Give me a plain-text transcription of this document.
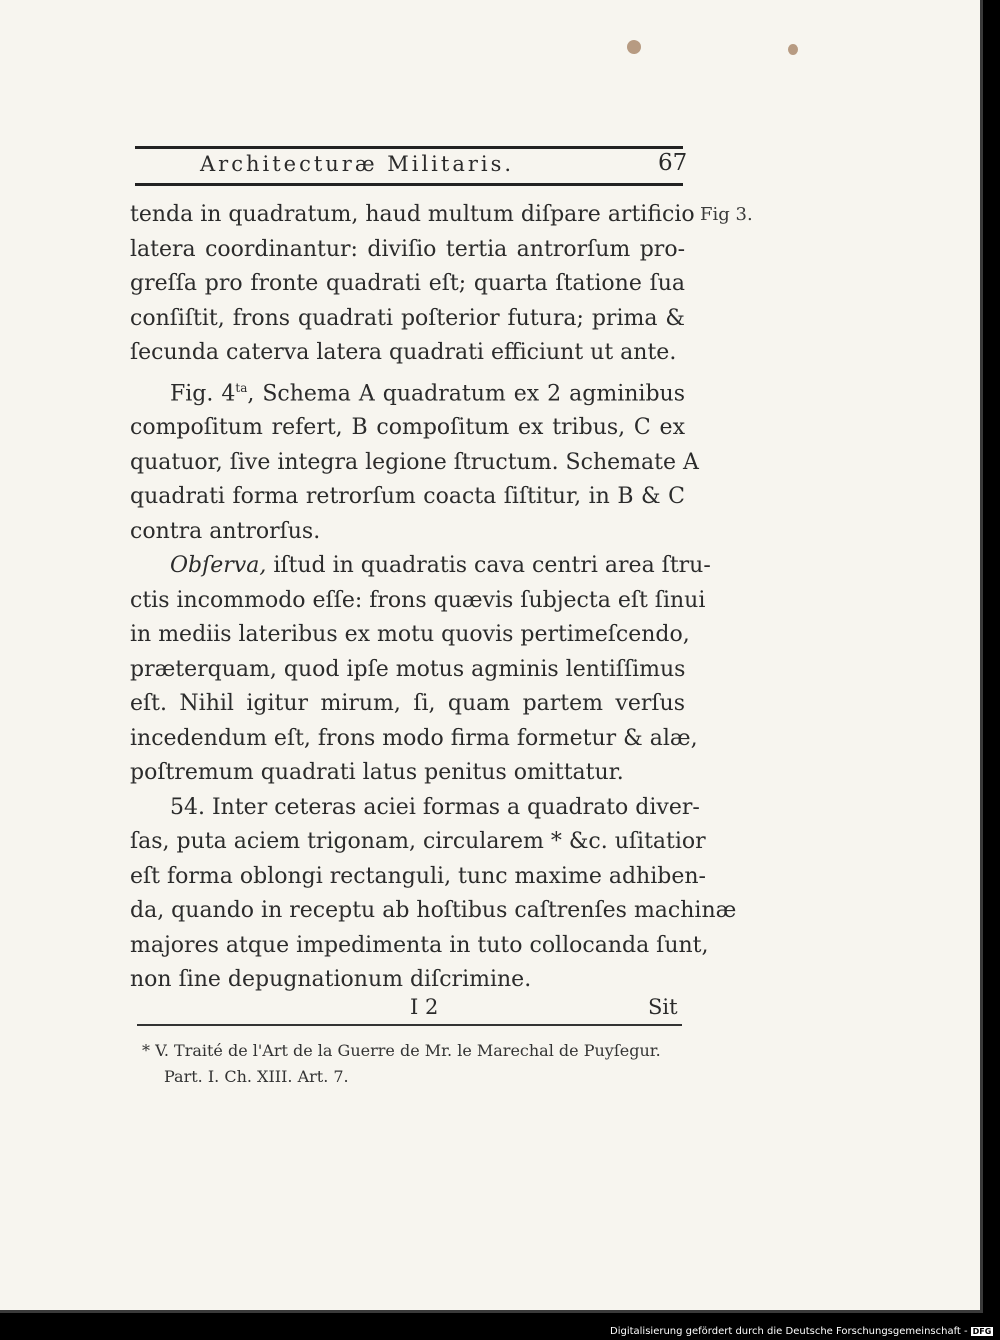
Architecturæ Militaris.	67
Fig 3.
tenda in quadratum, haud multum diſpare artificio
latera coordinantur: diviſio tertia antrorſum pro-
greſſa pro fronte quadrati eſt; quarta ſtatione ſua
conſiſtit, frons quadrati poſterior futura; prima &
ſecunda caterva latera quadrati efficiunt ut ante.
Fig. $4^{ta}$, Schema A quadratum ex 2 agminibus
compoſitum refert, B compoſitum ex tribus, C ex
quatuor, ſive integra legione ſtructum. Schemate A
quadrati forma retrorſum coacta ſiſtitur, in B & C
contra antrorſus.
Obſerva, iſtud in quadratis cava centri area ſtru-
ctis incommodo eſſe: frons quævis ſubjecta eſt ſinui
in mediis lateribus ex motu quovis pertimeſcendo,
præterquam, quod ipſe motus agminis lentiſſimus
eſt. Nihil igitur mirum, ſi, quam partem verſus
incedendum eſt, frons modo firma formetur & alæ,
poſtremum quadrati latus penitus omittatur.
54. Inter ceteras aciei formas a quadrato diver-
ſas, puta aciem trigonam, circularem * &c. uſitatior
eſt forma oblongi rectanguli, tunc maxime adhiben-
da, quando in receptu ab hoſtibus caſtrenſes machinæ
majores atque impedimenta in tuto collocanda ſunt,
non ſine depugnationum diſcrimine.
I 2	Sit
* V. Traité de l'Art de la Guerre de Mr. le Marechal de Puyſegur.
Part. I. Ch. XIII. Art. 7.
Digitalisierung gefördert durch die Deutsche Forschungsgemeinschaft - DFG
